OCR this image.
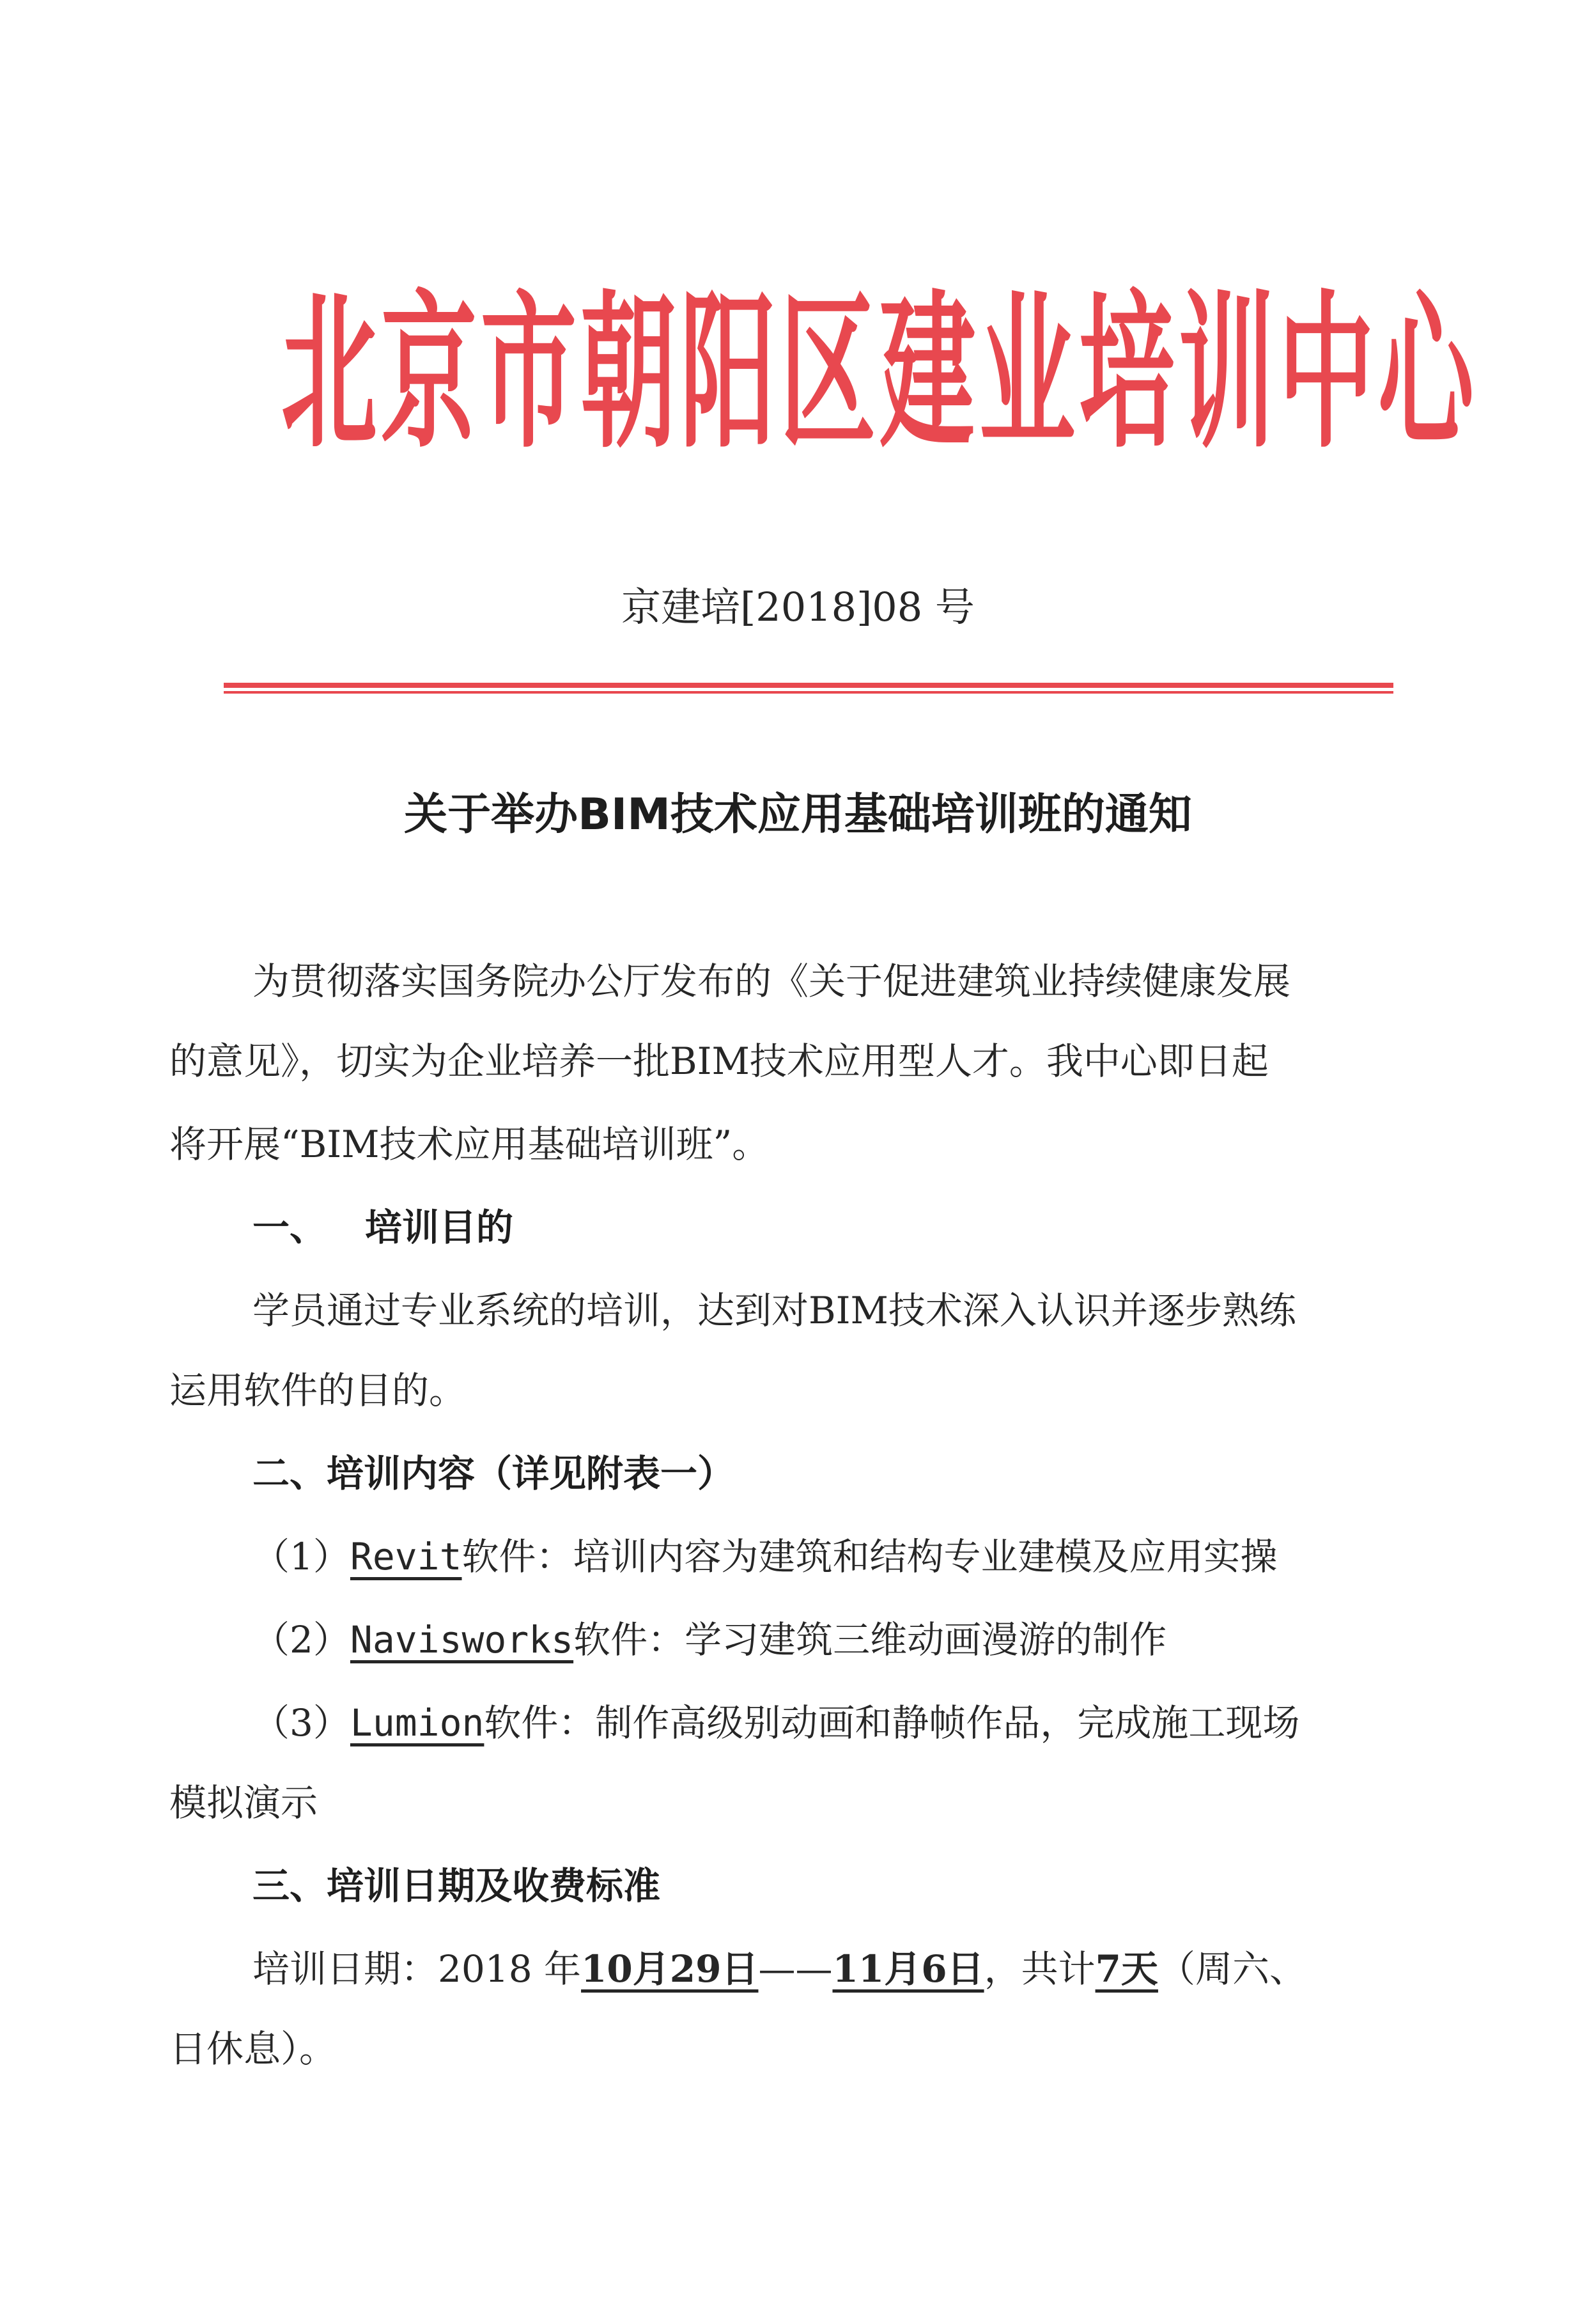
北京市朝阳区建业培训中心
京建培[2018]08 号
关于举办BIM技术应用基础培训班的通知
为贯彻落实国务院办公厅发布的《关于促进建筑业持续健康发展
的意见》，切实为企业培养一批BIM技术应用型人才。我中心即日起
将开展“BIM技术应用基础培训班”。
一、 培训目的
学员通过专业系统的培训，达到对BIM技术深入认识并逐步熟练
运用软件的目的。
二、培训内容（详见附表一）
（1）Revit软件：培训内容为建筑和结构专业建模及应用实操
（2）Navisworks软件：学习建筑三维动画漫游的制作
（3）Lumion软件：制作高级别动画和静帧作品，完成施工现场
模拟演示
三、培训日期及收费标准
培训日期：2018 年10月29日——11月6日，共计7天（周六、
日休息）。
